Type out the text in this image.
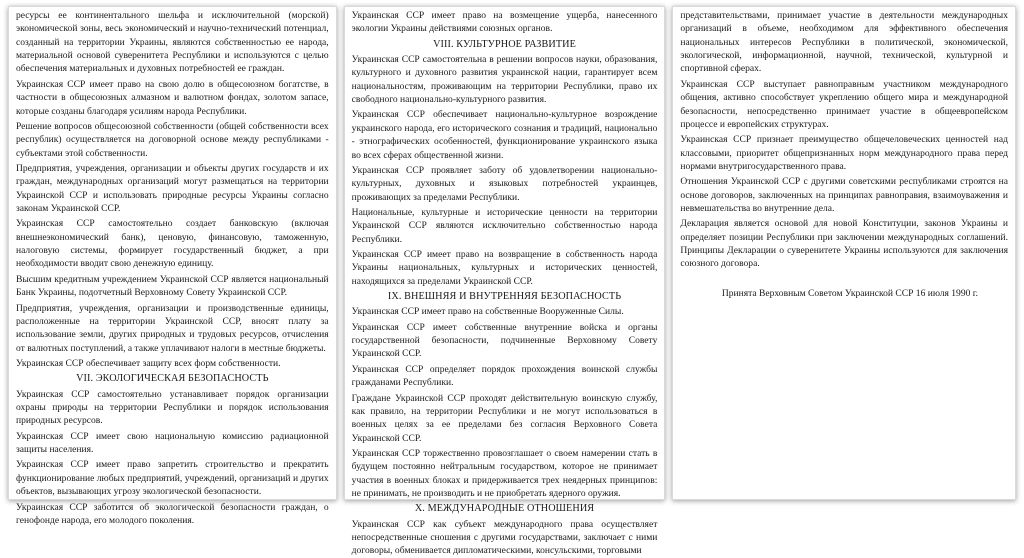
ресурсы ее континентального шельфа и исключительной (морской) экономической зоны, весь экономический и научно-технический потенциал, созданный на территории Украины, являются собственностью ее народа, материальной основой суверенитета Республики и используются с целью обеспечения материальных и духовных потребностей ее граждан.

Украинская ССР имеет право на свою долю в общесоюзном богатстве, в частности в общесоюзных алмазном и валютном фондах, золотом запасе, которые созданы благодаря усилиям народа Республики.

Решение вопросов общесоюзной собственности (общей собственности всех республик) осуществляется на договорной основе между республиками - субъектами этой собственности.

Предприятия, учреждения, организации и объекты других государств и их граждан, международных организаций могут размещаться на территории Украинской ССР и использовать природные ресурсы Украины согласно законам Украинской ССР.

Украинская ССР самостоятельно создает банковскую (включая внешнеэкономический банк), ценовую, финансовую, таможенную, налоговую системы, формирует государственный бюджет, а при необходимости вводит свою денежную единицу.

Высшим кредитным учреждением Украинской ССР является национальный Банк Украины, подотчетный Верховному Совету Украинской ССР.

Предприятия, учреждения, организации и производственные единицы, расположенные на территории Украинской ССР, вносят плату за использование земли, других природных и трудовых ресурсов, отчисления от валютных поступлений, а также уплачивают налоги в местные бюджеты.

Украинская ССР обеспечивает защиту всех форм собственности.

VII. ЭКОЛОГИЧЕСКАЯ БЕЗОПАСНОСТЬ

Украинская ССР самостоятельно устанавливает порядок организации охраны природы на территории Республики и порядок использования природных ресурсов.

Украинская ССР имеет свою национальную комиссию радиационной защиты населения.

Украинская ССР имеет право запретить строительство и прекратить функционирование любых предприятий, учреждений, организаций и других объектов, вызывающих угрозу экологической безопасности.

Украинская ССР заботится об экологической безопасности граждан, о генофонде народа, его молодого поколения.

Украинская ССР имеет право на возмещение ущерба, нанесенного экологии Украины действиями союзных органов.

VIII. КУЛЬТУРНОЕ РАЗВИТИЕ

Украинская ССР самостоятельна в решении вопросов науки, образования, культурного и духовного развития украинской нации, гарантирует всем национальностям, проживающим на территории Республики, право их свободного национально-культурного развития.

Украинская ССР обеспечивает национально-культурное возрождение украинского народа, его исторического сознания и традиций, национально - этнографических особенностей, функционирование украинского языка во всех сферах общественной жизни.

Украинская ССР проявляет заботу об удовлетворении национально-культурных, духовных и языковых потребностей украинцев, проживающих за пределами Республики.

Национальные, культурные и исторические ценности на территории Украинской ССР являются исключительно собственностью народа Республики.

Украинская ССР имеет право на возвращение в собственность народа Украины национальных, культурных и исторических ценностей, находящихся за пределами Украинской ССР.

IX. ВНЕШНЯЯ И ВНУТРЕННЯЯ БЕЗОПАСНОСТЬ

Украинская ССР имеет право на собственные Вооруженные Силы.

Украинская ССР имеет собственные внутренние войска и органы государственной безопасности, подчиненные Верховному Совету Украинской ССР.

Украинская ССР определяет порядок прохождения воинской службы гражданами Республики.

Граждане Украинской ССР проходят действительную воинскую службу, как правило, на территории Республики и не могут использоваться в военных целях за ее пределами без согласия Верховного Совета Украинской ССР.

Украинская ССР торжественно провозглашает о своем намерении стать в будущем постоянно нейтральным государством, которое не принимает участия в военных блоках и придерживается трех неядерных принципов: не принимать, не производить и не приобретать ядерного оружия.

X. МЕЖДУНАРОДНЫЕ ОТНОШЕНИЯ

Украинская ССР как субъект международного права осуществляет непосредственные сношения с другими государствами, заключает с ними договоры, обменивается дипломатическими, консульскими, торговыми

представительствами, принимает участие в деятельности международных организаций в объеме, необходимом для эффективного обеспечения национальных интересов Республики в политической, экономической, экологической, информационной, научной, технической, культурной и спортивной сферах.

Украинская ССР выступает равноправным участником международного общения, активно способствует укреплению общего мира и международной безопасности, непосредственно принимает участие в общеевропейском процессе и европейских структурах.

Украинская ССР признает преимущество общечеловеческих ценностей над классовыми, приоритет общепризнанных норм международного права перед нормами внутригосударственного права.

Отношения Украинской ССР с другими советскими республиками строятся на основе договоров, заключенных на принципах равноправия, взаимоуважения и невмешательства во внутренние дела.

Декларация является основой для новой Конституции, законов Украины и определяет позиции Республики при заключении международных соглашений. Принципы Декларации о суверенитете Украины используются для заключения союзного договора.

Принята Верховным Советом Украинской ССР 16 июля 1990 г.
